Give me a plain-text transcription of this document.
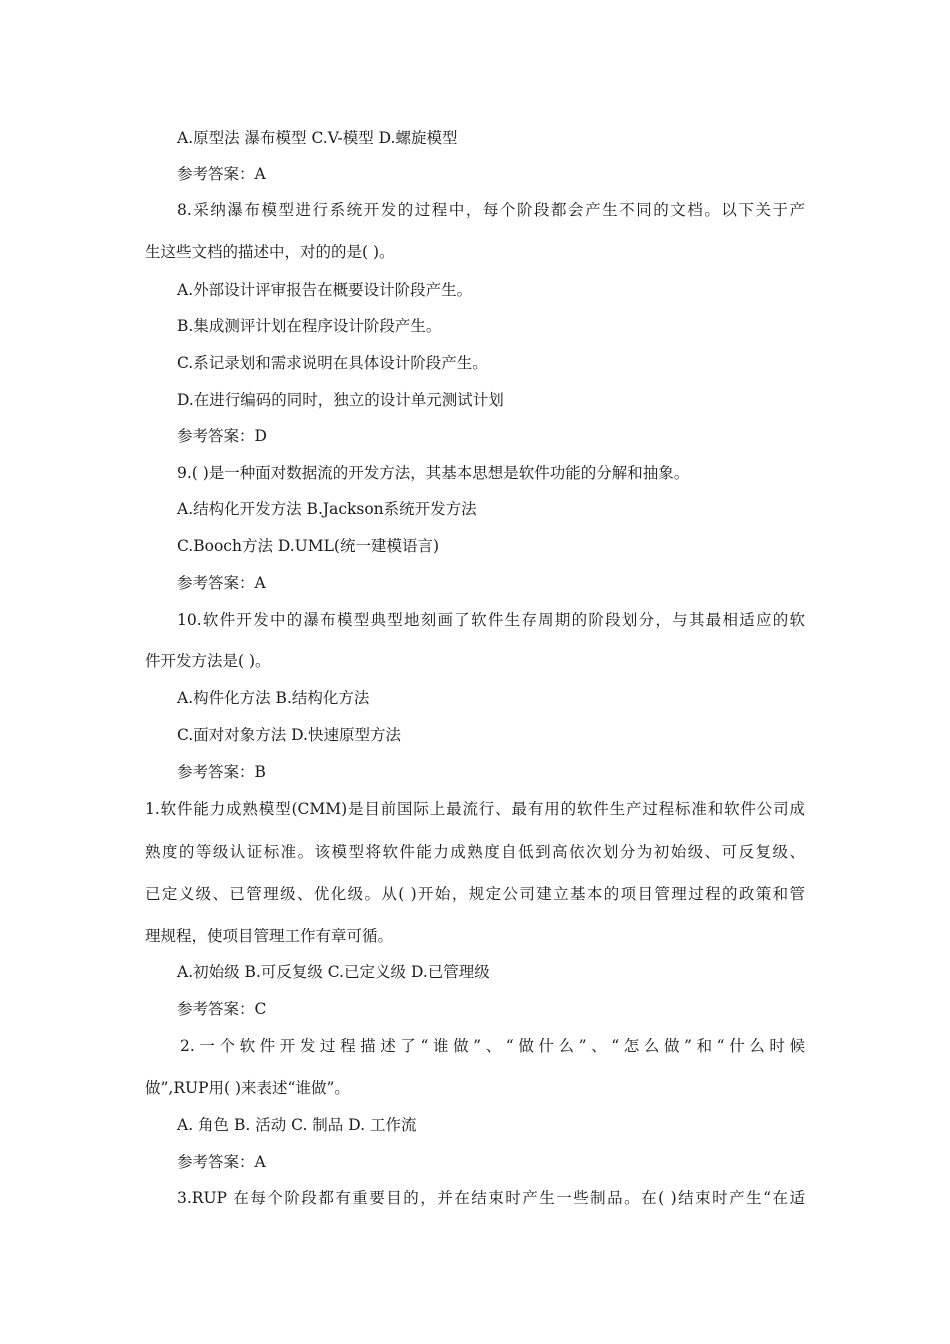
A.原型法 瀑布模型 C.V-模型 D.螺旋模型
参考答案：A
8.采纳瀑布模型进行系统开发的过程中，每个阶段都会产生不同的文档。以下关于产
生这些文档的描述中，对的的是( )。
A.外部设计评审报告在概要设计阶段产生。
B.集成测评计划在程序设计阶段产生。
C.系记录划和需求说明在具体设计阶段产生。
D.在进行编码的同时，独立的设计单元测试计划
参考答案：D
9.( )是一种面对数据流的开发方法，其基本思想是软件功能的分解和抽象。
A.结构化开发方法 B.Jackson系统开发方法
C.Booch方法 D.UML(统一建模语言)
参考答案：A
10.软件开发中的瀑布模型典型地刻画了软件生存周期的阶段划分，与其最相适应的软
件开发方法是( )。
A.构件化方法 B.结构化方法
C.面对对象方法 D.快速原型方法
参考答案：B
1.软件能力成熟模型(CMM)是目前国际上最流行、最有用的软件生产过程标准和软件公司成
熟度的等级认证标准。该模型将软件能力成熟度自低到高依次划分为初始级、可反复级、
已定义级、已管理级、优化级。从( )开始，规定公司建立基本的项目管理过程的政策和管
理规程，使项目管理工作有章可循。
A.初始级 B.可反复级 C.已定义级 D.已管理级
参考答案：C
2.一个软件开发过程描述了“谁做”、“做什么”、“怎么做”和“什么时候
做”,RUP用( )来表述“谁做”。
A. 角色 B. 活动 C. 制品 D. 工作流
参考答案：A
3.RUP 在每个阶段都有重要目的，并在结束时产生一些制品。在( )结束时产生“在适
